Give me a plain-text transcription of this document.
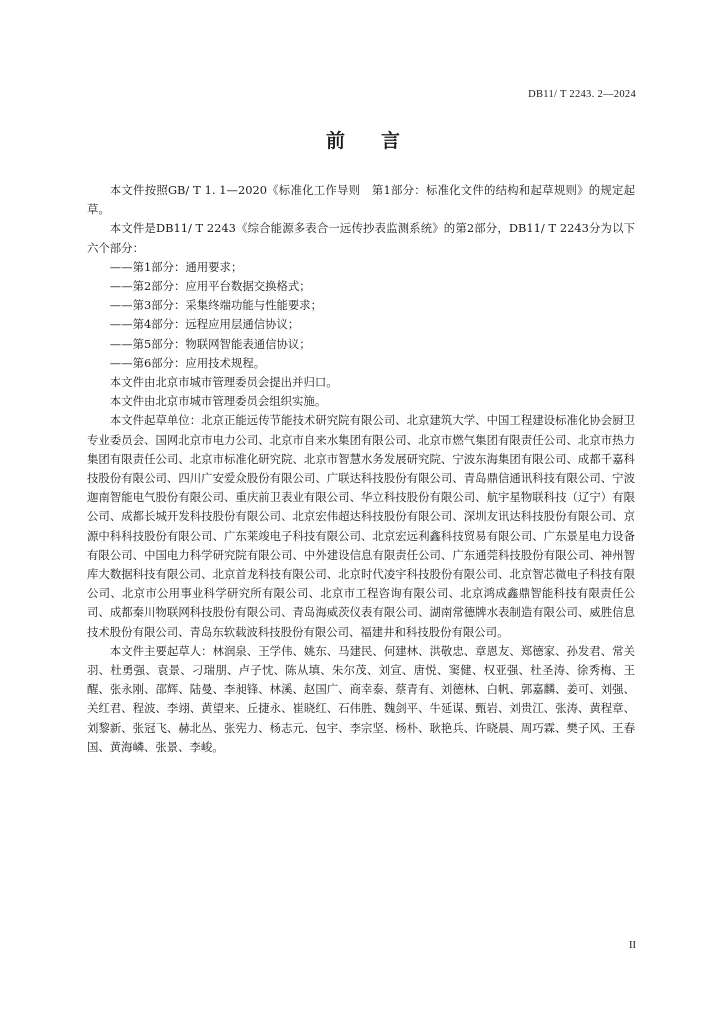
DB11/ T 2243. 2—2024
前 言

本文件按照GB/ T 1. 1—2020《标准化工作导则　第1部分：标准化文件的结构和起草规则》的规定起草。

本文件是DB11/ T 2243《综合能源多表合一远传抄表监测系统》的第2部分，DB11/ T 2243分为以下六个部分：

——第1部分：通用要求；

——第2部分：应用平台数据交换格式；

——第3部分：采集终端功能与性能要求；

——第4部分：远程应用层通信协议；

——第5部分：物联网智能表通信协议；

——第6部分：应用技术规程。

本文件由北京市城市管理委员会提出并归口。

本文件由北京市城市管理委员会组织实施。

本文件起草单位：北京正能远传节能技术研究院有限公司、北京建筑大学、中国工程建设标准化协会厨卫专业委员会、国网北京市电力公司、北京市自来水集团有限公司、北京市燃气集团有限责任公司、北京市热力集团有限责任公司、北京市标准化研究院、北京市智慧水务发展研究院、宁波东海集团有限公司、成都千嘉科技股份有限公司、四川广安爱众股份有限公司、广联达科技股份有限公司、青岛鼎信通讯科技有限公司、宁波迦南智能电气股份有限公司、重庆前卫表业有限公司、华立科技股份有限公司、航宇星物联科技（辽宁）有限公司、成都长城开发科技股份有限公司、北京宏伟超达科技股份有限公司、深圳友讯达科技股份有限公司、京源中科科技股份有限公司、广东莱竣电子科技有限公司、北京宏远利鑫科技贸易有限公司、广东景星电力设备有限公司、中国电力科学研究院有限公司、中外建设信息有限责任公司、广东通莞科技股份有限公司、神州智库大数据科技有限公司、北京首龙科技有限公司、北京时代凌宇科技股份有限公司、北京智芯微电子科技有限公司、北京市公用事业科学研究所有限公司、北京市工程咨询有限公司、北京鸿成鑫鼎智能科技有限责任公司、成都秦川物联网科技股份有限公司、青岛海威茨仪表有限公司、湖南常德牌水表制造有限公司、威胜信息技术股份有限公司、青岛东软载波科技股份有限公司、福建井和科技股份有限公司。

本文件主要起草人：林润泉、王学伟、姚东、马建民、何建林、洪敬忠、章恩友、郑德家、孙发君、常关羽、杜勇强、袁景、刁瑞朋、卢子忱、陈从填、朱尔茂、刘宣、唐悦、窦健、权亚强、杜圣涛、徐秀梅、王醒、张永刚、邵辉、陆曼、李昶锋、林溪、赵国广、商幸泰、蔡青有、刘德林、白帆、郭嘉麟、姜可、刘强、关红君、程波、李翊、黄望来、丘捷永、崔晓红、石伟胜、魏剑平、牛延谋、甄岩、刘贵江、张涛、黄程章、刘黎新、张冠飞、赫北丛、张宪力、杨志元、包宇、李宗坚、杨朴、耿艳兵、许晓晨、周巧霖、樊子风、王春国、黄海嶙、张景、李峻。

II
